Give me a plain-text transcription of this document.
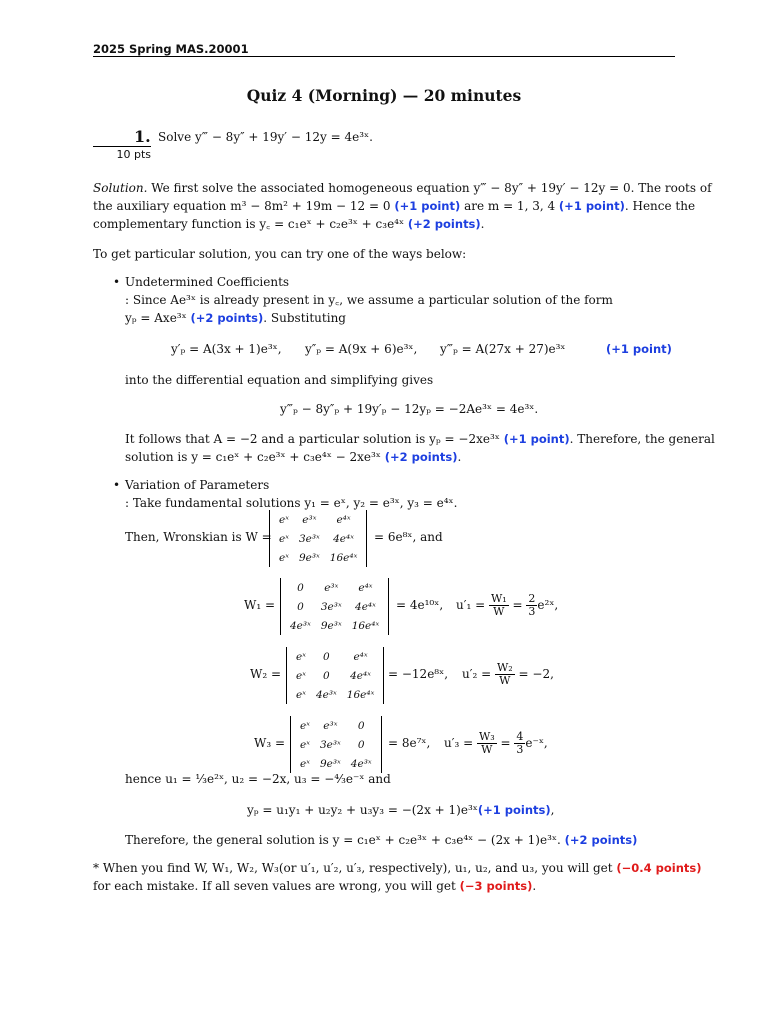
2025 Spring MAS.20001
Quiz 4 (Morning) — 20 minutes
1.
10 pts
Solve y‴ − 8y″ + 19y′ − 12y = 4e³ˣ.
Solution. We first solve the associated homogeneous equation y‴ − 8y″ + 19y′ − 12y = 0. The roots of
the auxiliary equation m³ − 8m² + 19m − 12 = 0 (+1 point) are m = 1, 3, 4 (+1 point). Hence the
complementary function is y꜀ = c₁eˣ + c₂e³ˣ + c₃e⁴ˣ (+2 points).
To get particular solution, you can try one of the ways below:
• Undetermined Coefficients
: Since Ae³ˣ is already present in y꜀, we assume a particular solution of the form
yₚ = Axe³ˣ (+2 points). Substituting
y′ₚ = A(3x + 1)e³ˣ, y″ₚ = A(9x + 6)e³ˣ, y‴ₚ = A(27x + 27)e³ˣ	(+1 point)
into the differential equation and simplifying gives
y‴ₚ − 8y″ₚ + 19y′ₚ − 12yₚ = −2Ae³ˣ = 4e³ˣ.
It follows that A = −2 and a particular solution is yₚ = −2xe³ˣ (+1 point). Therefore, the general
solution is y = c₁eˣ + c₂e³ˣ + c₃e⁴ˣ − 2xe³ˣ (+2 points).
• Variation of Parameters
: Take fundamental solutions y₁ = eˣ, y₂ = e³ˣ, y₃ = e⁴ˣ.
Then, Wronskian is W =
eˣ	e³ˣ	e⁴ˣ
eˣ	3e³ˣ	4e⁴ˣ
eˣ	9e³ˣ	16e⁴ˣ
= 6e⁸ˣ, and
W₁ =
0	e³ˣ	e⁴ˣ
0	3e³ˣ	4e⁴ˣ
4e³ˣ	9e³ˣ	16e⁴ˣ
= 4e¹⁰ˣ, $u'_1 = \frac{\text{W₁}}{W} = \frac{2}{3}$ e²ˣ,
W₂ =
eˣ	0	e⁴ˣ
eˣ	0	4e⁴ˣ
eˣ	4e³ˣ	16e⁴ˣ
= −12e⁸ˣ, $u'_2 = \frac{\text{W₂}}{W} = -2$,
W₃ =
eˣ	e³ˣ	0
eˣ	3e³ˣ	0
eˣ	9e³ˣ	4e³ˣ
= 8e⁷ˣ, $u'_3 = \frac{\text{W₃}}{W} = \frac{4}{3}$ e⁻ˣ,
hence u₁ = ⅓e²ˣ, u₂ = −2x, u₃ = −⁴⁄₃e⁻ˣ and
yₚ = u₁y₁ + u₂y₂ + u₃y₃ = −(2x + 1)e³ˣ(+1 points),
Therefore, the general solution is y = c₁eˣ + c₂e³ˣ + c₃e⁴ˣ − (2x + 1)e³ˣ. (+2 points)
* When you find W, W₁, W₂, W₃(or u′₁, u′₂, u′₃, respectively), u₁, u₂, and u₃, you will get (−0.4 points)
for each mistake. If all seven values are wrong, you will get (−3 points).
